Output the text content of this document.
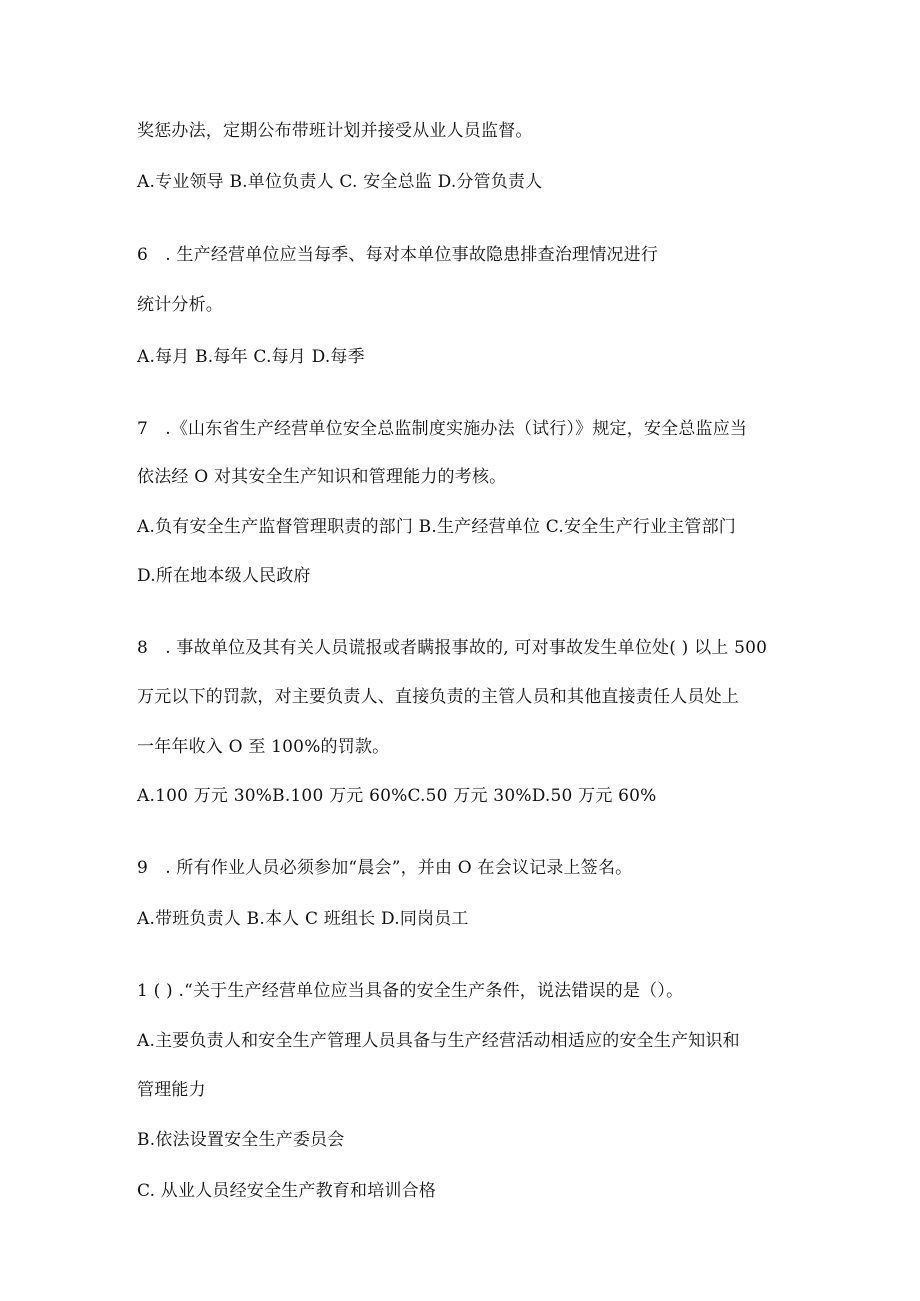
奖惩办法，定期公布带班计划并接受从业人员监督。
A.专业领导 B.单位负责人 C. 安全总监 D.分管负责人
6　. 生产经营单位应当每季、每对本单位事故隐患排查治理情况进行
统计分析。
A.每月 B.每年 C.每月 D.每季
7　.《山东省生产经营单位安全总监制度实施办法（试行）》规定，安全总监应当
依法经 O 对其安全生产知识和管理能力的考核。
A.负有安全生产监督管理职责的部门 B.生产经营单位 C.安全生产行业主管部门
D.所在地本级人民政府
8　. 事故单位及其有关人员谎报或者瞒报事故的, 可对事故发生单位处( ) 以上 500
万元以下的罚款，对主要负责人、直接负责的主管人员和其他直接责任人员处上
一年年收入 O 至 100%的罚款。
A.100 万元 30%B.100 万元 60%C.50 万元 30%D.50 万元 60%
9　. 所有作业人员必须参加“晨会”，并由 O 在会议记录上签名。
A.带班负责人 B.本人 C 班组长 D.同岗员工
1 ( ) .“关于生产经营单位应当具备的安全生产条件，说法错误的是（）。
A.主要负责人和安全生产管理人员具备与生产经营活动相适应的安全生产知识和
管理能力
B.依法设置安全生产委员会
C. 从业人员经安全生产教育和培训合格
